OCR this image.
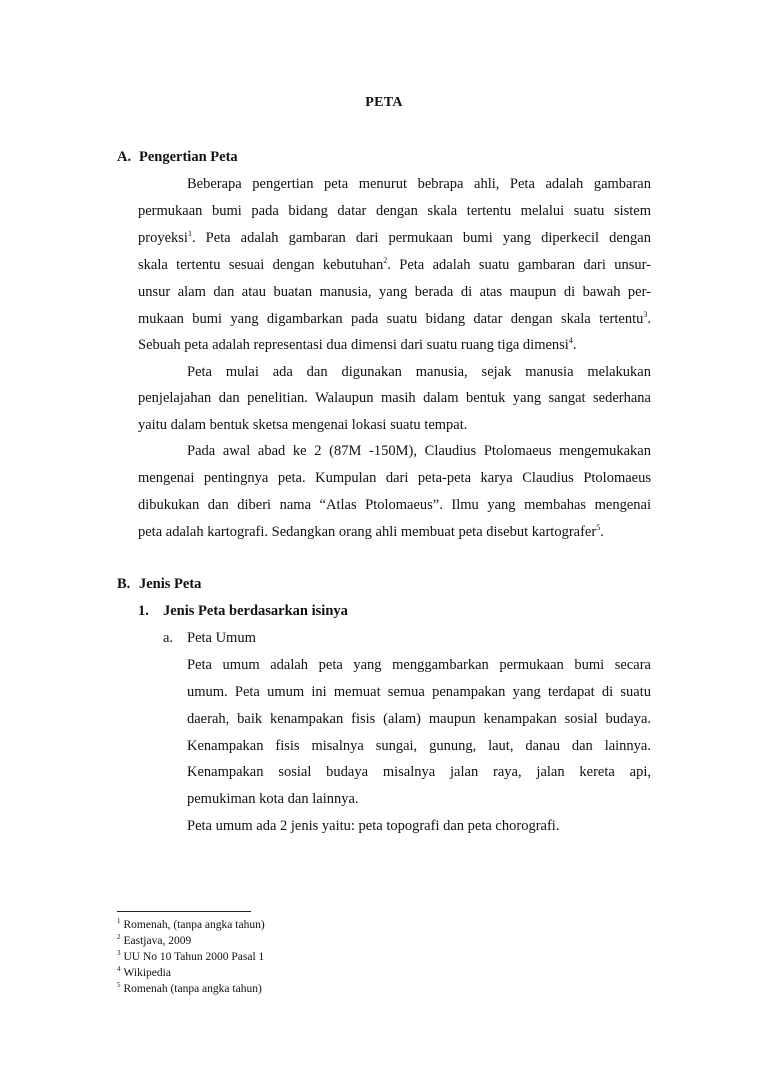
PETA
A. Pengertian Peta
Beberapa pengertian peta menurut bebrapa ahli, Peta adalah gambaran
permukaan bumi pada bidang datar dengan skala tertentu melalui suatu sistem
proyeksi$^1$. Peta adalah gambaran dari permukaan bumi yang diperkecil dengan
skala tertentu sesuai dengan kebutuhan$^2$. Peta adalah suatu gambaran dari unsur-
unsur alam dan atau buatan manusia, yang berada di atas maupun di bawah per-
mukaan bumi yang digambarkan pada suatu bidang datar dengan skala tertentu$^3$.
Sebuah peta adalah representasi dua dimensi dari suatu ruang tiga dimensi$^4$.
Peta mulai ada dan digunakan manusia, sejak manusia melakukan
penjelajahan dan penelitian. Walaupun masih dalam bentuk yang sangat sederhana
yaitu dalam bentuk sketsa mengenai lokasi suatu tempat.
Pada awal abad ke 2 (87M -150M), Claudius Ptolomaeus mengemukakan
mengenai pentingnya peta. Kumpulan dari peta-peta karya Claudius Ptolomaeus
dibukukan dan diberi nama “Atlas Ptolomaeus”. Ilmu yang membahas mengenai
peta adalah kartografi. Sedangkan orang ahli membuat peta disebut kartografer$^5$.
B. Jenis Peta
1. Jenis Peta berdasarkan isinya
a. Peta Umum
Peta umum adalah peta yang menggambarkan permukaan bumi secara
umum. Peta umum ini memuat semua penampakan yang terdapat di suatu
daerah, baik kenampakan fisis (alam) maupun kenampakan sosial budaya.
Kenampakan fisis misalnya sungai, gunung, laut, danau dan lainnya.
Kenampakan sosial budaya misalnya jalan raya, jalan kereta api,
pemukiman kota dan lainnya.
Peta umum ada 2 jenis yaitu: peta topografi dan peta chorografi.
$^1$ Romenah, (tanpa angka tahun)
$^2$ Eastjava, 2009
$^3$ UU No 10 Tahun 2000 Pasal 1
$^4$ Wikipedia
$^5$ Romenah (tanpa angka tahun)
